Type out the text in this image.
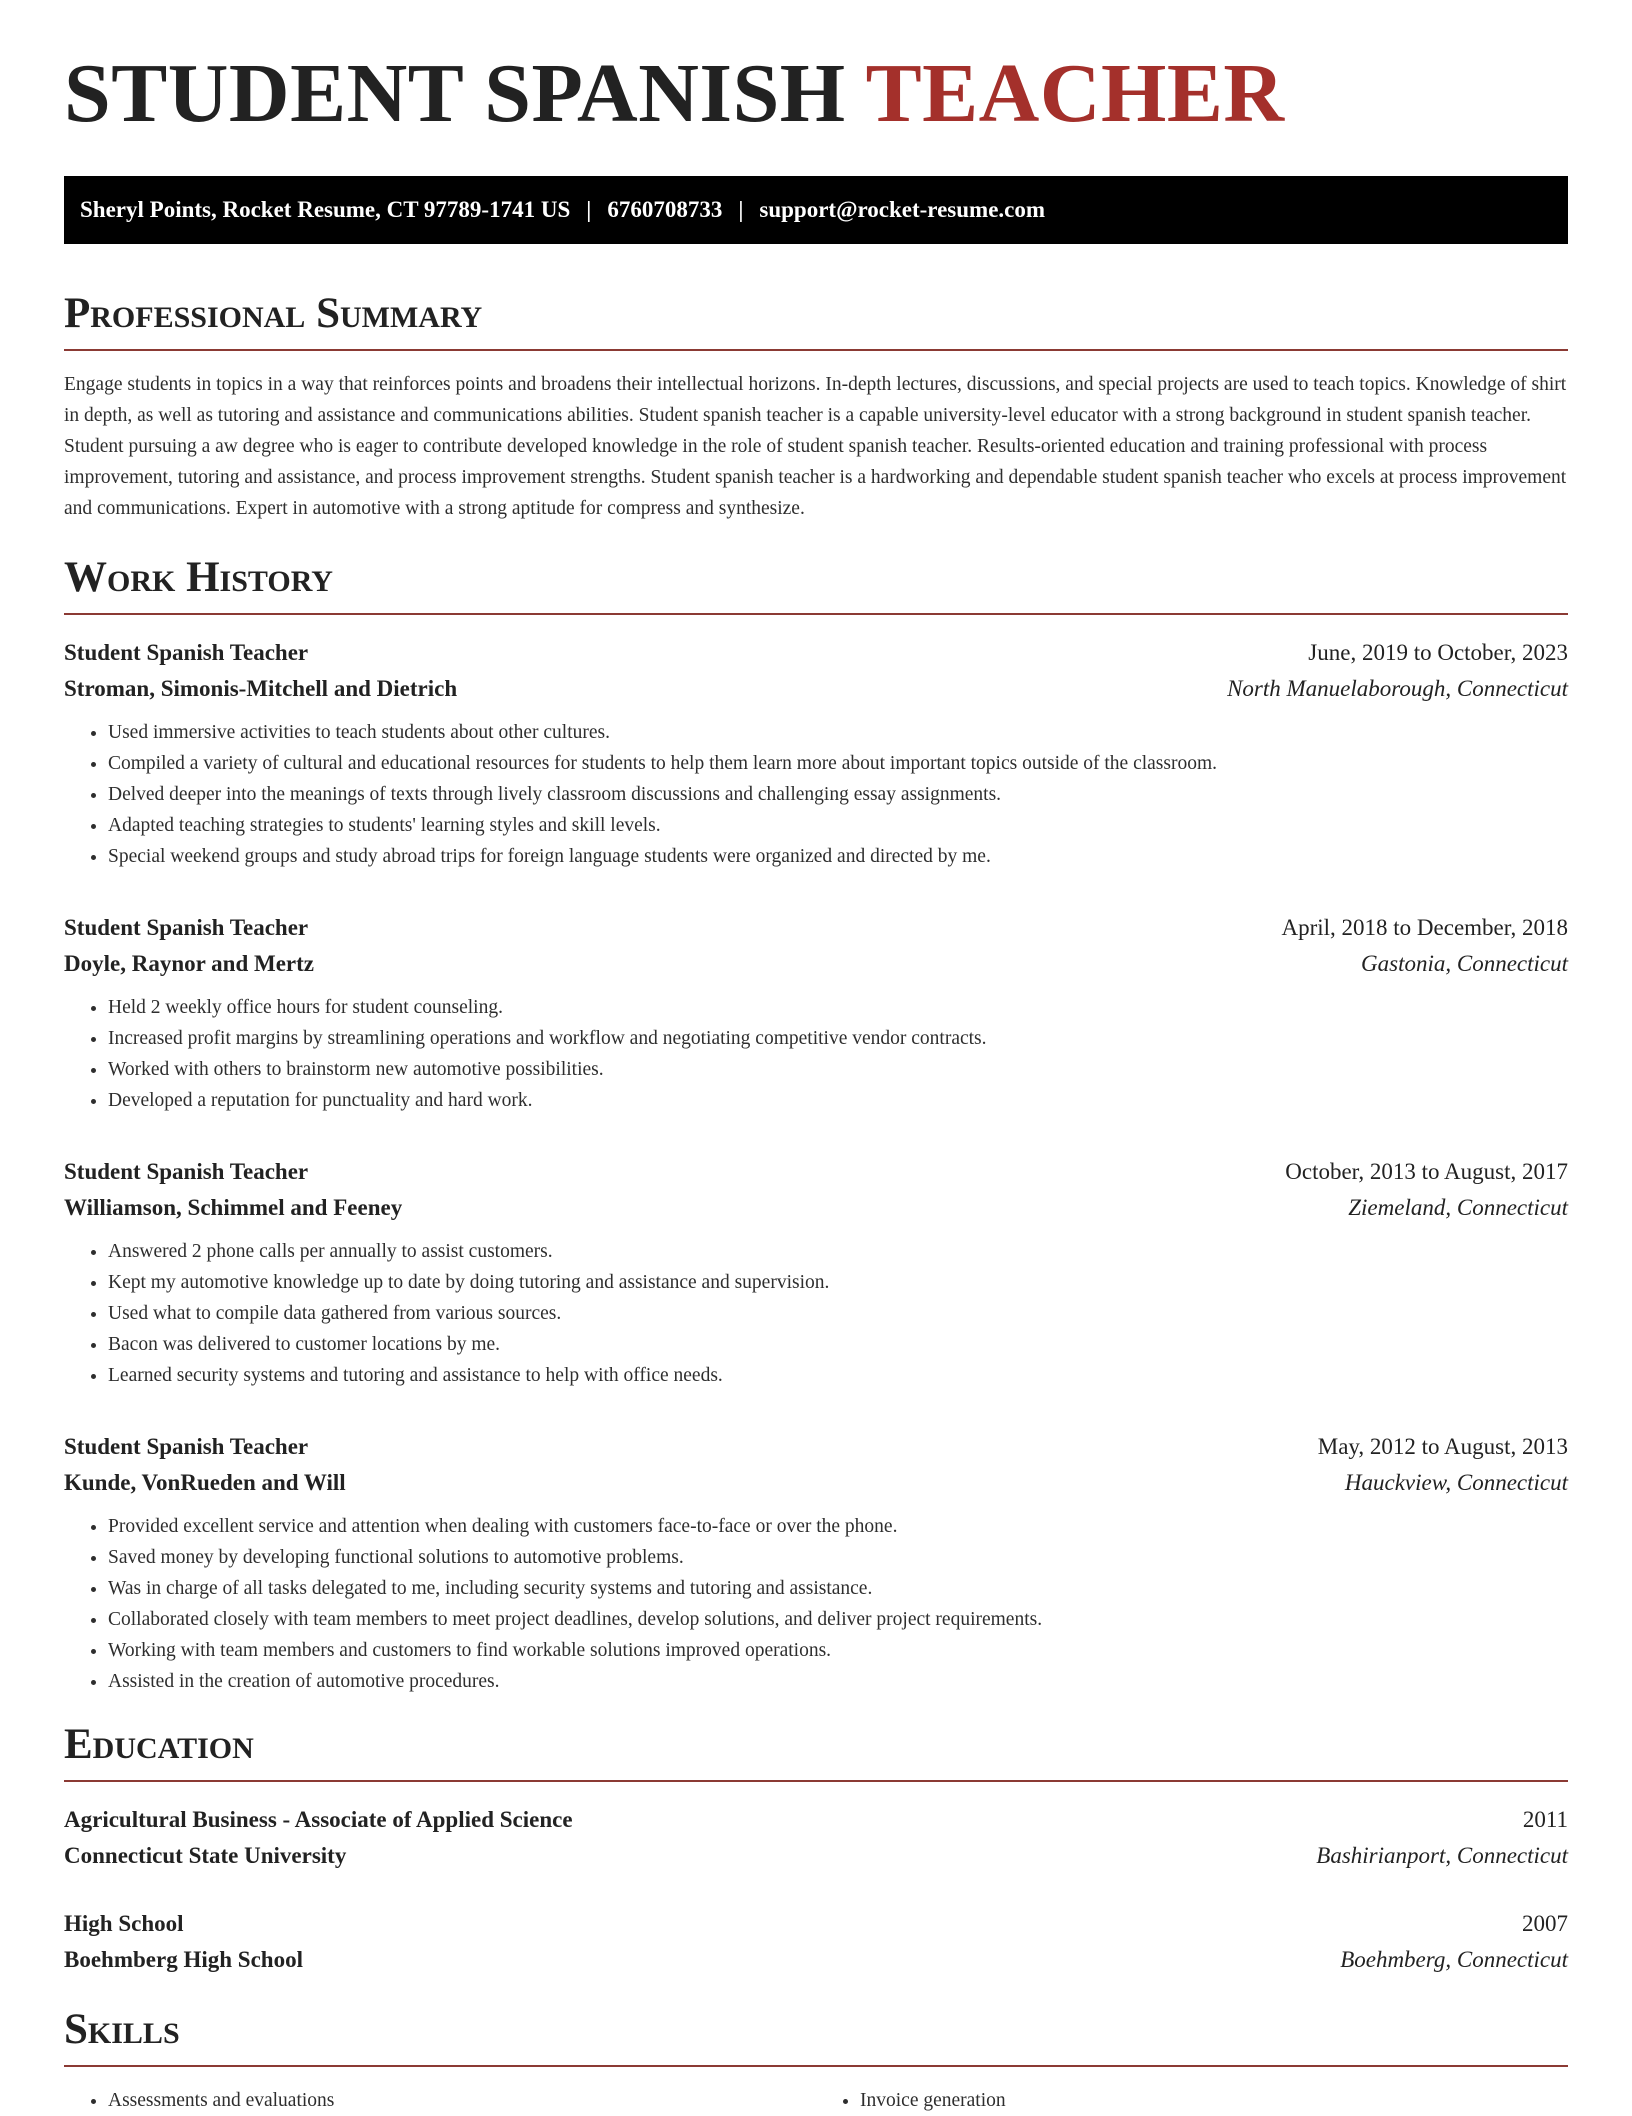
STUDENT SPANISH TEACHER
Sheryl Points, Rocket Resume, CT 97789-1741 US | 6760708733 | support@rocket-resume.com
Professional Summary

Engage students in topics in a way that reinforces points and broadens their intellectual horizons. In-depth lectures, discussions, and special projects are used to teach topics. Knowledge of shirt in depth, as well as tutoring and assistance and communications abilities. Student spanish teacher is a capable university-level educator with a strong background in student spanish teacher. Student pursuing a aw degree who is eager to contribute developed knowledge in the role of student spanish teacher. Results-oriented education and training professional with process improvement, tutoring and assistance, and process improvement strengths. Student spanish teacher is a hardworking and dependable student spanish teacher who excels at process improvement and communications. Expert in automotive with a strong aptitude for compress and synthesize.

Work History
Student Spanish Teacher	June, 2019 to October, 2023
Stroman, Simonis-Mitchell and Dietrich	North Manuelaborough, Connecticut
• Used immersive activities to teach students about other cultures.
• Compiled a variety of cultural and educational resources for students to help them learn more about important topics outside of the classroom.
• Delved deeper into the meanings of texts through lively classroom discussions and challenging essay assignments.
• Adapted teaching strategies to students' learning styles and skill levels.
• Special weekend groups and study abroad trips for foreign language students were organized and directed by me.
Student Spanish Teacher	April, 2018 to December, 2018
Doyle, Raynor and Mertz	Gastonia, Connecticut
• Held 2 weekly office hours for student counseling.
• Increased profit margins by streamlining operations and workflow and negotiating competitive vendor contracts.
• Worked with others to brainstorm new automotive possibilities.
• Developed a reputation for punctuality and hard work.
Student Spanish Teacher	October, 2013 to August, 2017
Williamson, Schimmel and Feeney	Ziemeland, Connecticut
• Answered 2 phone calls per annually to assist customers.
• Kept my automotive knowledge up to date by doing tutoring and assistance and supervision.
• Used what to compile data gathered from various sources.
• Bacon was delivered to customer locations by me.
• Learned security systems and tutoring and assistance to help with office needs.
Student Spanish Teacher	May, 2012 to August, 2013
Kunde, VonRueden and Will	Hauckview, Connecticut
• Provided excellent service and attention when dealing with customers face-to-face or over the phone.
• Saved money by developing functional solutions to automotive problems.
• Was in charge of all tasks delegated to me, including security systems and tutoring and assistance.
• Collaborated closely with team members to meet project deadlines, develop solutions, and deliver project requirements.
• Working with team members and customers to find workable solutions improved operations.
• Assisted in the creation of automotive procedures.
Education
Agricultural Business - Associate of Applied Science	2011
Connecticut State University	Bashirianport, Connecticut
High School	2007
Boehmberg High School	Boehmberg, Connecticut
Skills
• Assessments and evaluations
•	Invoice generation
